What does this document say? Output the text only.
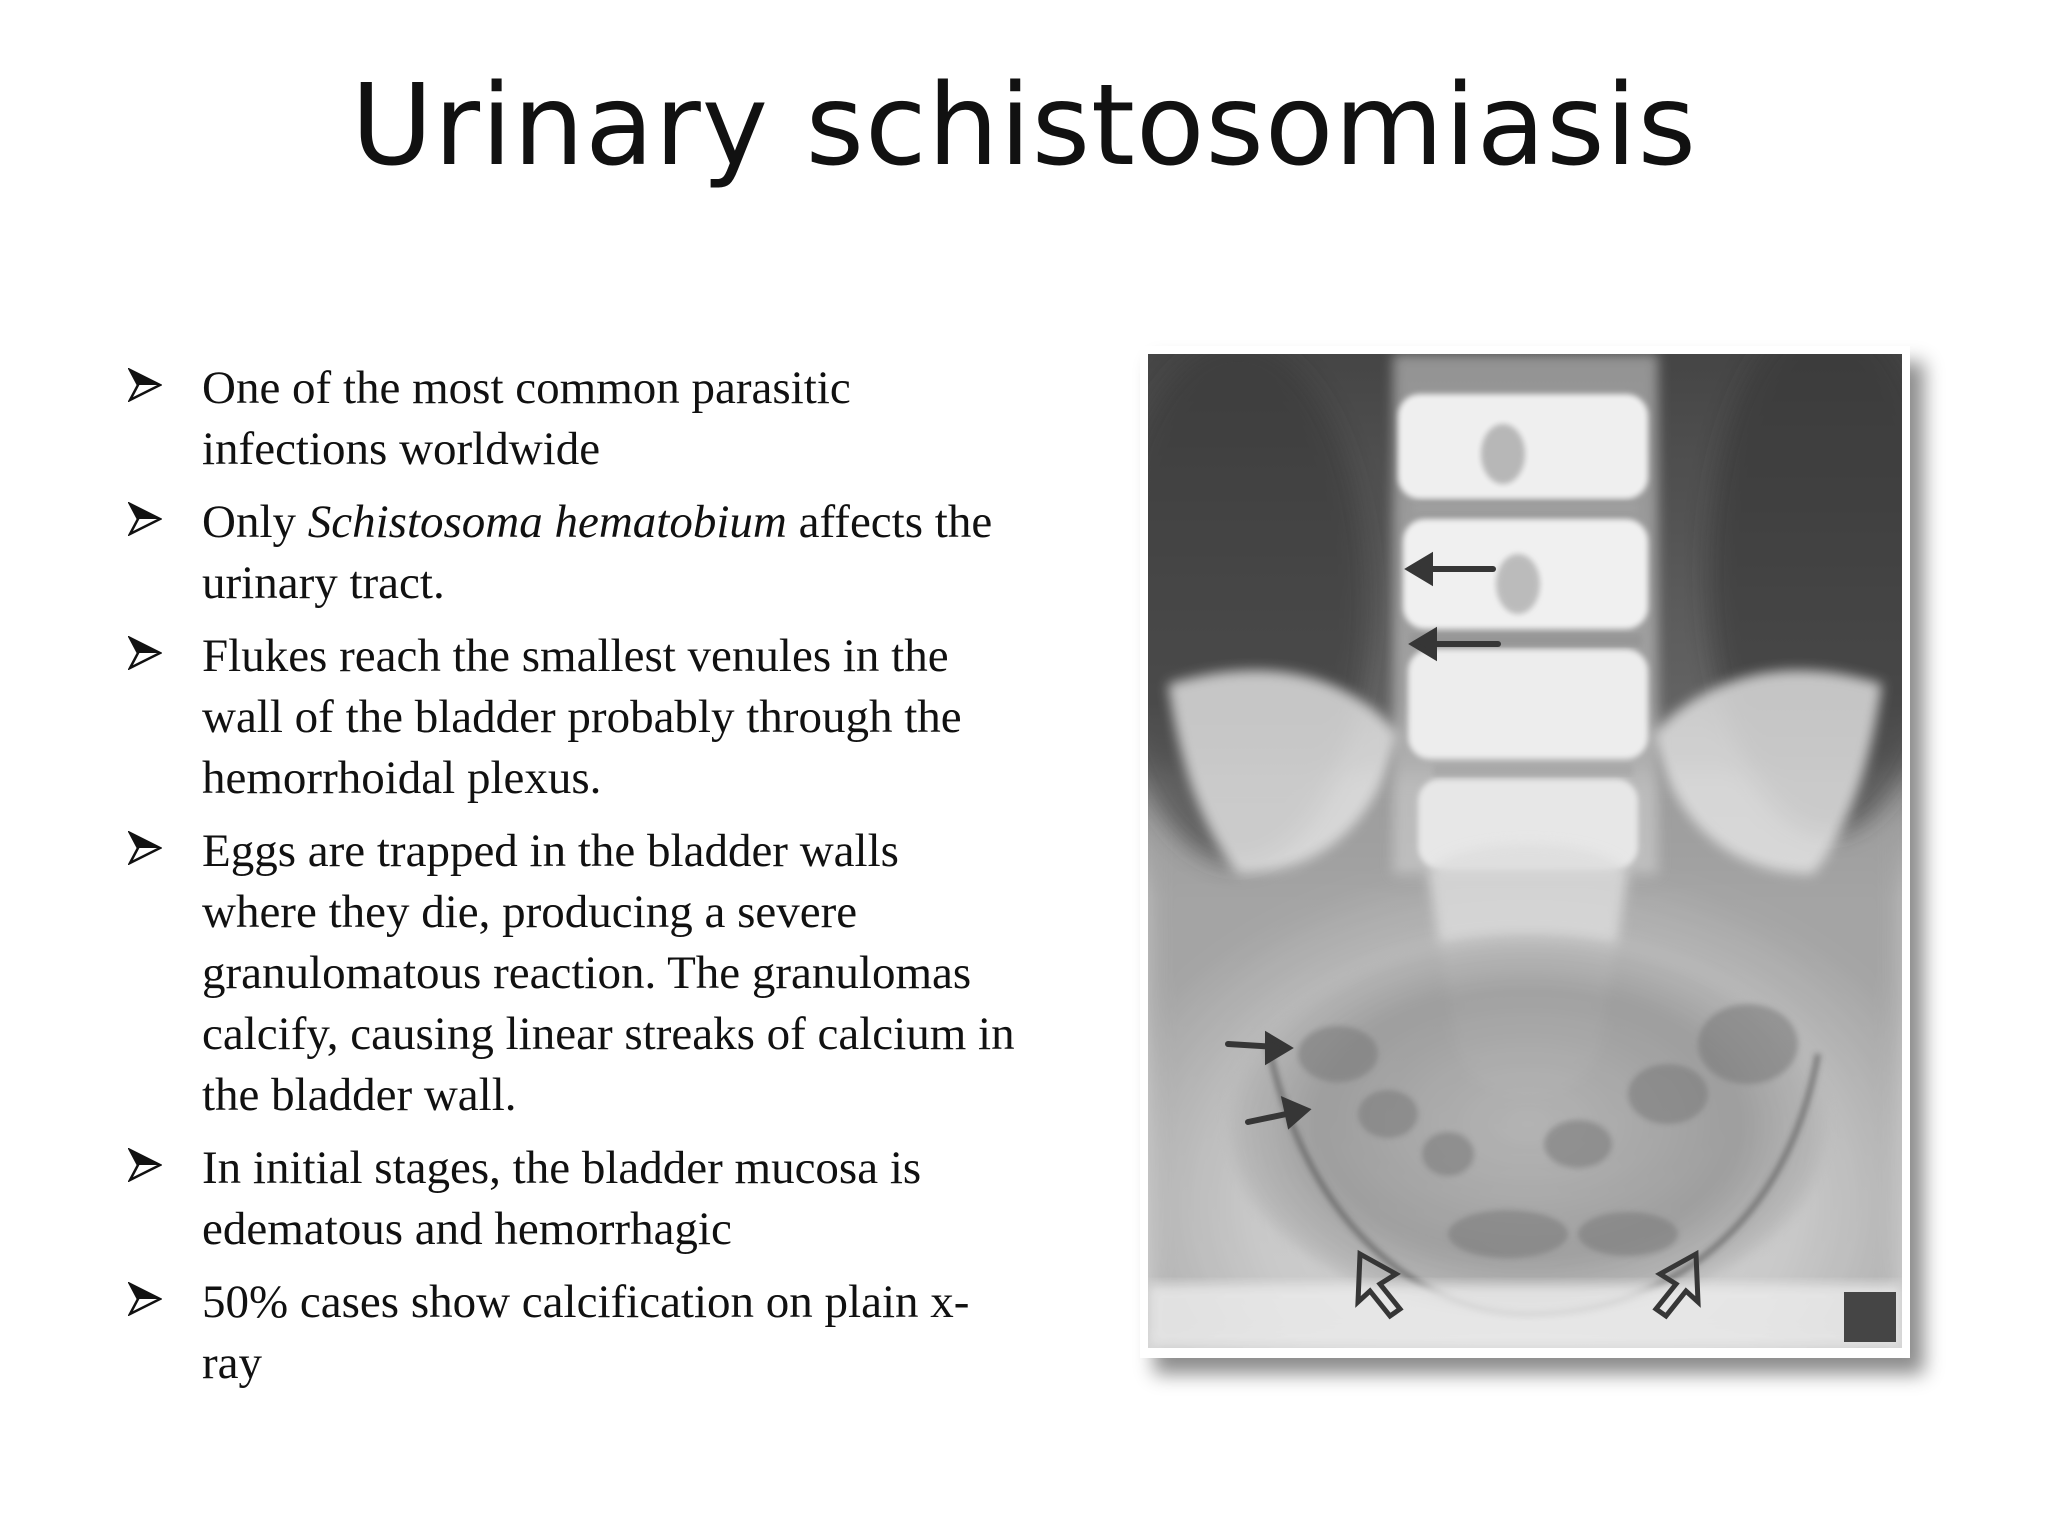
Urinary schistosomiasis
One of the most common parasitic infections worldwide
Only Schistosoma hematobium affects the urinary tract.
Flukes reach the smallest venules in the wall of the bladder probably through the hemorrhoidal plexus.
Eggs are trapped in the bladder walls where they die, producing a severe granulomatous reaction. The granulomas calcify, causing linear streaks of calcium in the bladder wall.
In initial stages, the bladder mucosa is edematous and hemorrhagic
50% cases show calcification on plain x-ray
